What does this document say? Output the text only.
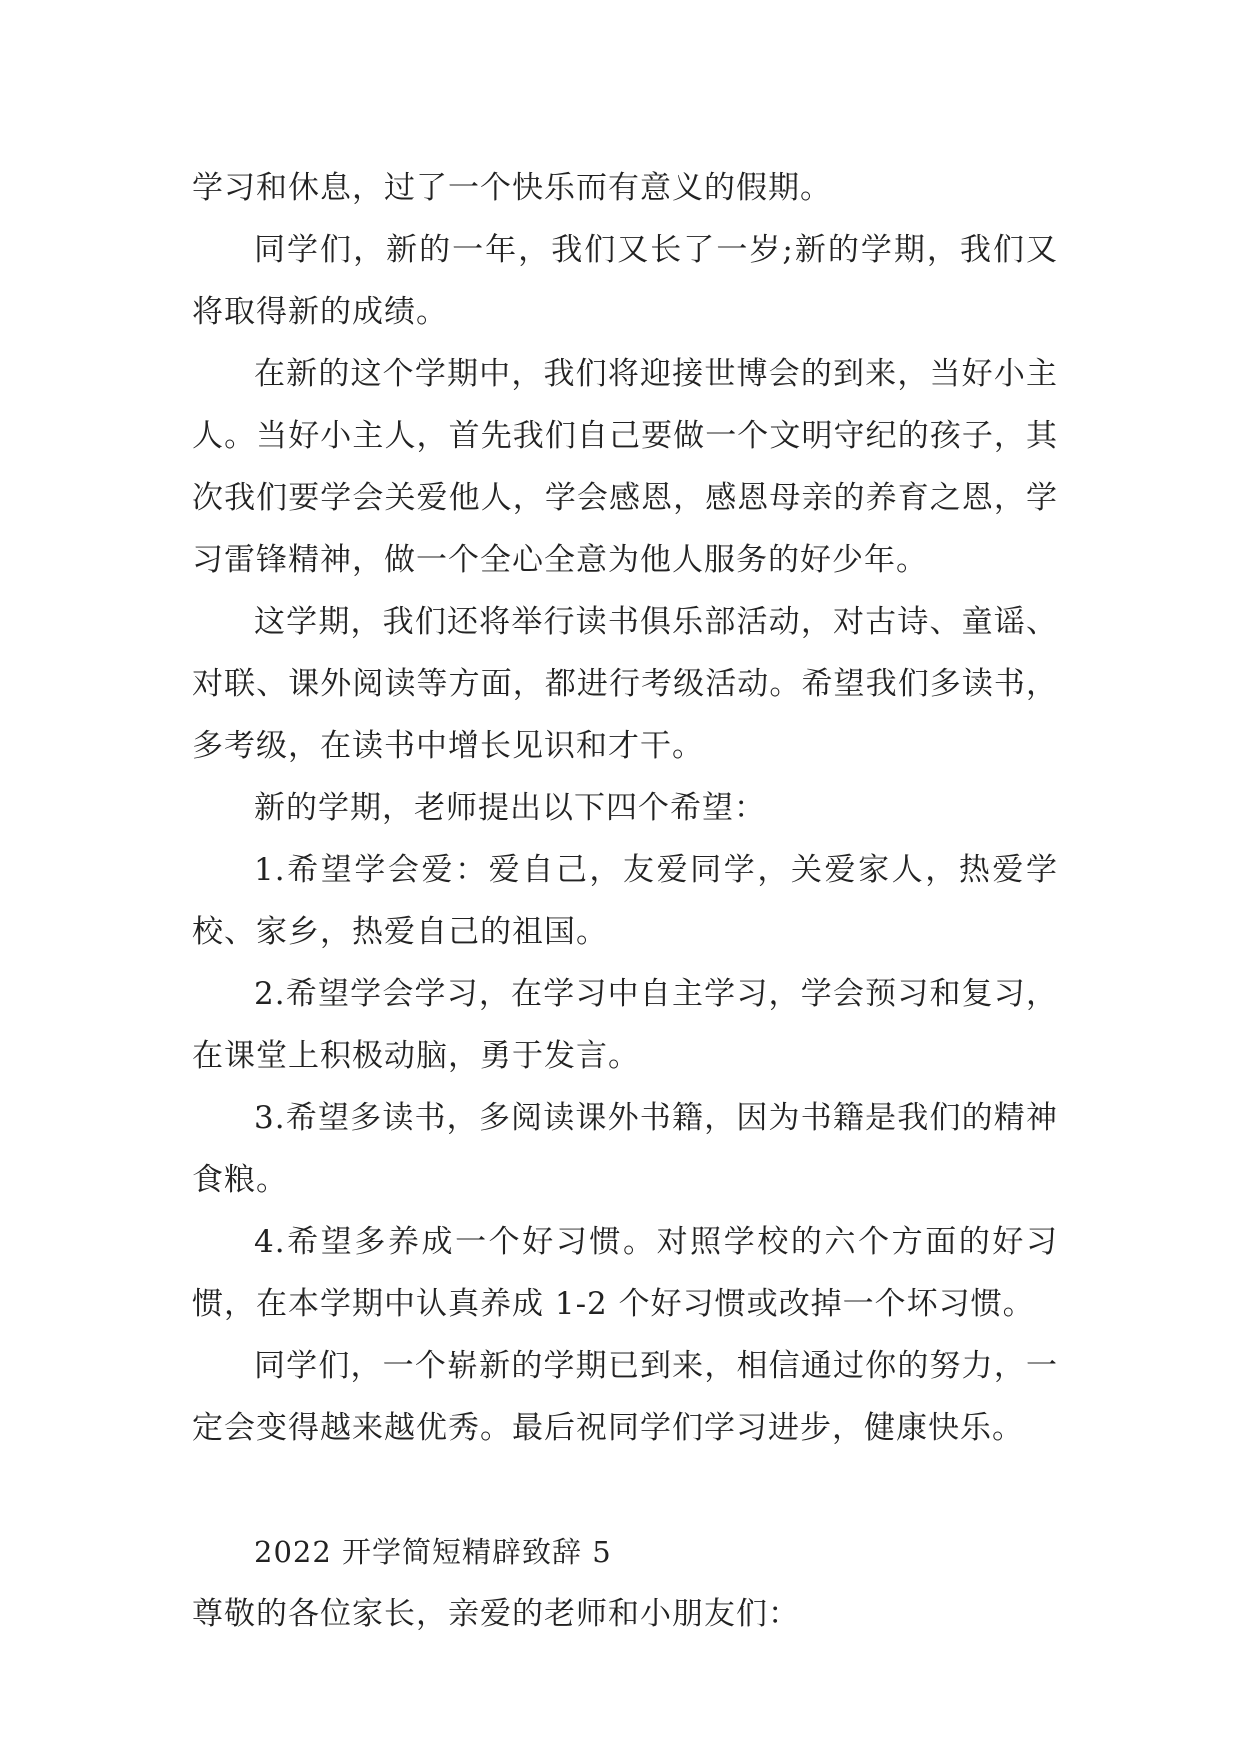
学习和休息，过了一个快乐而有意义的假期。

同学们，新的一年，我们又长了一岁;新的学期，我们又将取得新的成绩。

在新的这个学期中，我们将迎接世博会的到来，当好小主人。当好小主人，首先我们自己要做一个文明守纪的孩子，其次我们要学会关爱他人，学会感恩，感恩母亲的养育之恩，学习雷锋精神，做一个全心全意为他人服务的好少年。

这学期，我们还将举行读书俱乐部活动，对古诗、童谣、对联、课外阅读等方面，都进行考级活动。希望我们多读书，多考级，在读书中增长见识和才干。

新的学期，老师提出以下四个希望：

1.希望学会爱：爱自己，友爱同学，关爱家人，热爱学校、家乡，热爱自己的祖国。

2.希望学会学习，在学习中自主学习，学会预习和复习，在课堂上积极动脑，勇于发言。

3.希望多读书，多阅读课外书籍，因为书籍是我们的精神食粮。

4.希望多养成一个好习惯。对照学校的六个方面的好习惯，在本学期中认真养成 1-2 个好习惯或改掉一个坏习惯。

同学们，一个崭新的学期已到来，相信通过你的努力，一定会变得越来越优秀。最后祝同学们学习进步，健康快乐。

2022 开学简短精辟致辞 5

尊敬的各位家长，亲爱的老师和小朋友们：
